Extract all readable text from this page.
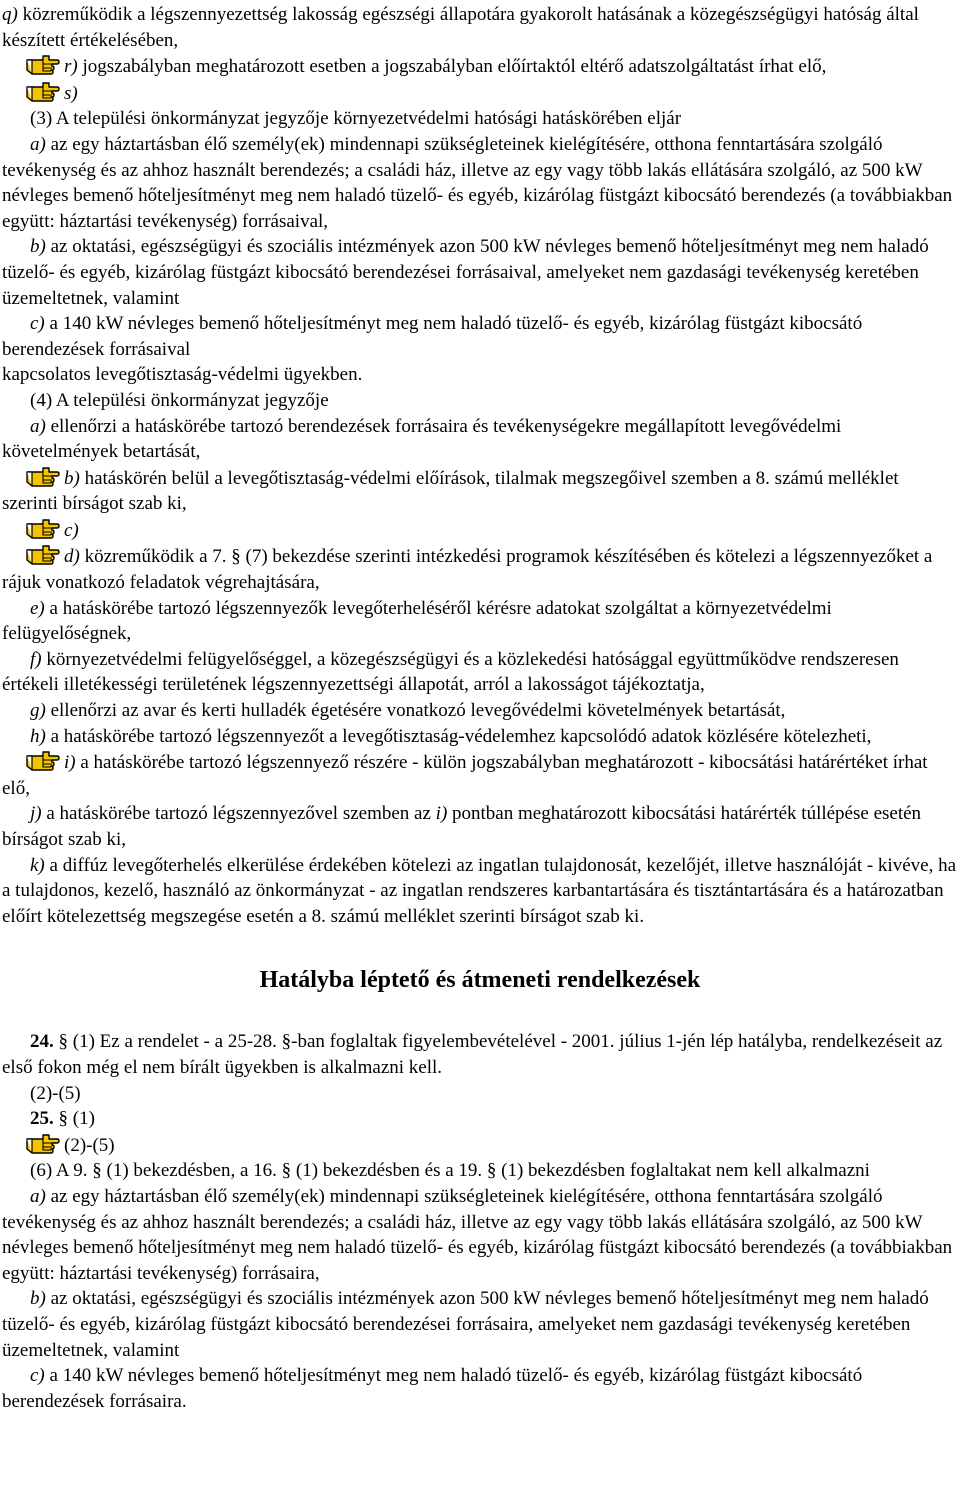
q) közreműködik a légszennyezettség lakosság egészségi állapotára gyakorolt hatásának a közegészségügyi hatóság által készített értékelésében,

r) jogszabályban meghatározott esetben a jogszabályban előírtaktól eltérő adatszolgáltatást írhat elő,

s)

(3) A települési önkormányzat jegyzője környezetvédelmi hatósági hatáskörében eljár

a) az egy háztartásban élő személy(ek) mindennapi szükségleteinek kielégítésére, otthona fenntartására szolgáló tevékenység és az ahhoz használt berendezés; a családi ház, illetve az egy vagy több lakás ellátására szolgáló, az 500 kW névleges bemenő hőteljesítményt meg nem haladó tüzelő- és egyéb, kizárólag füstgázt kibocsátó berendezés (a továbbiakban együtt: háztartási tevékenység) forrásaival,

b) az oktatási, egészségügyi és szociális intézmények azon 500 kW névleges bemenő hőteljesítményt meg nem haladó tüzelő- és egyéb, kizárólag füstgázt kibocsátó berendezései forrásaival, amelyeket nem gazdasági tevékenység keretében üzemeltetnek, valamint

c) a 140 kW névleges bemenő hőteljesítményt meg nem haladó tüzelő- és egyéb, kizárólag füstgázt kibocsátó berendezések forrásaival

kapcsolatos levegőtisztaság-védelmi ügyekben.

(4) A települési önkormányzat jegyzője

a) ellenőrzi a hatáskörébe tartozó berendezések forrásaira és tevékenységekre megállapított levegővédelmi követelmények betartását,

b) hatáskörén belül a levegőtisztaság-védelmi előírások, tilalmak megszegőivel szemben a 8. számú melléklet szerinti bírságot szab ki,

c)

d) közreműködik a 7. § (7) bekezdése szerinti intézkedési programok készítésében és kötelezi a légszennyezőket a rájuk vonatkozó feladatok végrehajtására,

e) a hatáskörébe tartozó légszennyezők levegőterheléséről kérésre adatokat szolgáltat a környezetvédelmi felügyelőségnek,

f) környezetvédelmi felügyelőséggel, a közegészségügyi és a közlekedési hatósággal együttműködve rendszeresen értékeli illetékességi területének légszennyezettségi állapotát, arról a lakosságot tájékoztatja,

g) ellenőrzi az avar és kerti hulladék égetésére vonatkozó levegővédelmi követelmények betartását,

h) a hatáskörébe tartozó légszennyezőt a levegőtisztaság-védelemhez kapcsolódó adatok közlésére kötelezheti,

i) a hatáskörébe tartozó légszennyező részére - külön jogszabályban meghatározott - kibocsátási határértéket írhat elő,

j) a hatáskörébe tartozó légszennyezővel szemben az i) pontban meghatározott kibocsátási határérték túllépése esetén bírságot szab ki,

k) a diffúz levegőterhelés elkerülése érdekében kötelezi az ingatlan tulajdonosát, kezelőjét, illetve használóját - kivéve, ha a tulajdonos, kezelő, használó az önkormányzat - az ingatlan rendszeres karbantartására és tisztántartására és a határozatban előírt kötelezettség megszegése esetén a 8. számú melléklet szerinti bírságot szab ki.

Hatályba léptető és átmeneti rendelkezések

24. § (1) Ez a rendelet - a 25-28. §-ban foglaltak figyelembevételével - 2001. július 1-jén lép hatályba, rendelkezéseit az első fokon még el nem bírált ügyekben is alkalmazni kell.

(2)-(5)

25. § (1)

(2)-(5)

(6) A 9. § (1) bekezdésben, a 16. § (1) bekezdésben és a 19. § (1) bekezdésben foglaltakat nem kell alkalmazni

a) az egy háztartásban élő személy(ek) mindennapi szükségleteinek kielégítésére, otthona fenntartására szolgáló tevékenység és az ahhoz használt berendezés; a családi ház, illetve az egy vagy több lakás ellátására szolgáló, az 500 kW névleges bemenő hőteljesítményt meg nem haladó tüzelő- és egyéb, kizárólag füstgázt kibocsátó berendezés (a továbbiakban együtt: háztartási tevékenység) forrásaira,

b) az oktatási, egészségügyi és szociális intézmények azon 500 kW névleges bemenő hőteljesítményt meg nem haladó tüzelő- és egyéb, kizárólag füstgázt kibocsátó berendezései forrásaira, amelyeket nem gazdasági tevékenység keretében üzemeltetnek, valamint

c) a 140 kW névleges bemenő hőteljesítményt meg nem haladó tüzelő- és egyéb, kizárólag füstgázt kibocsátó berendezések forrásaira.
